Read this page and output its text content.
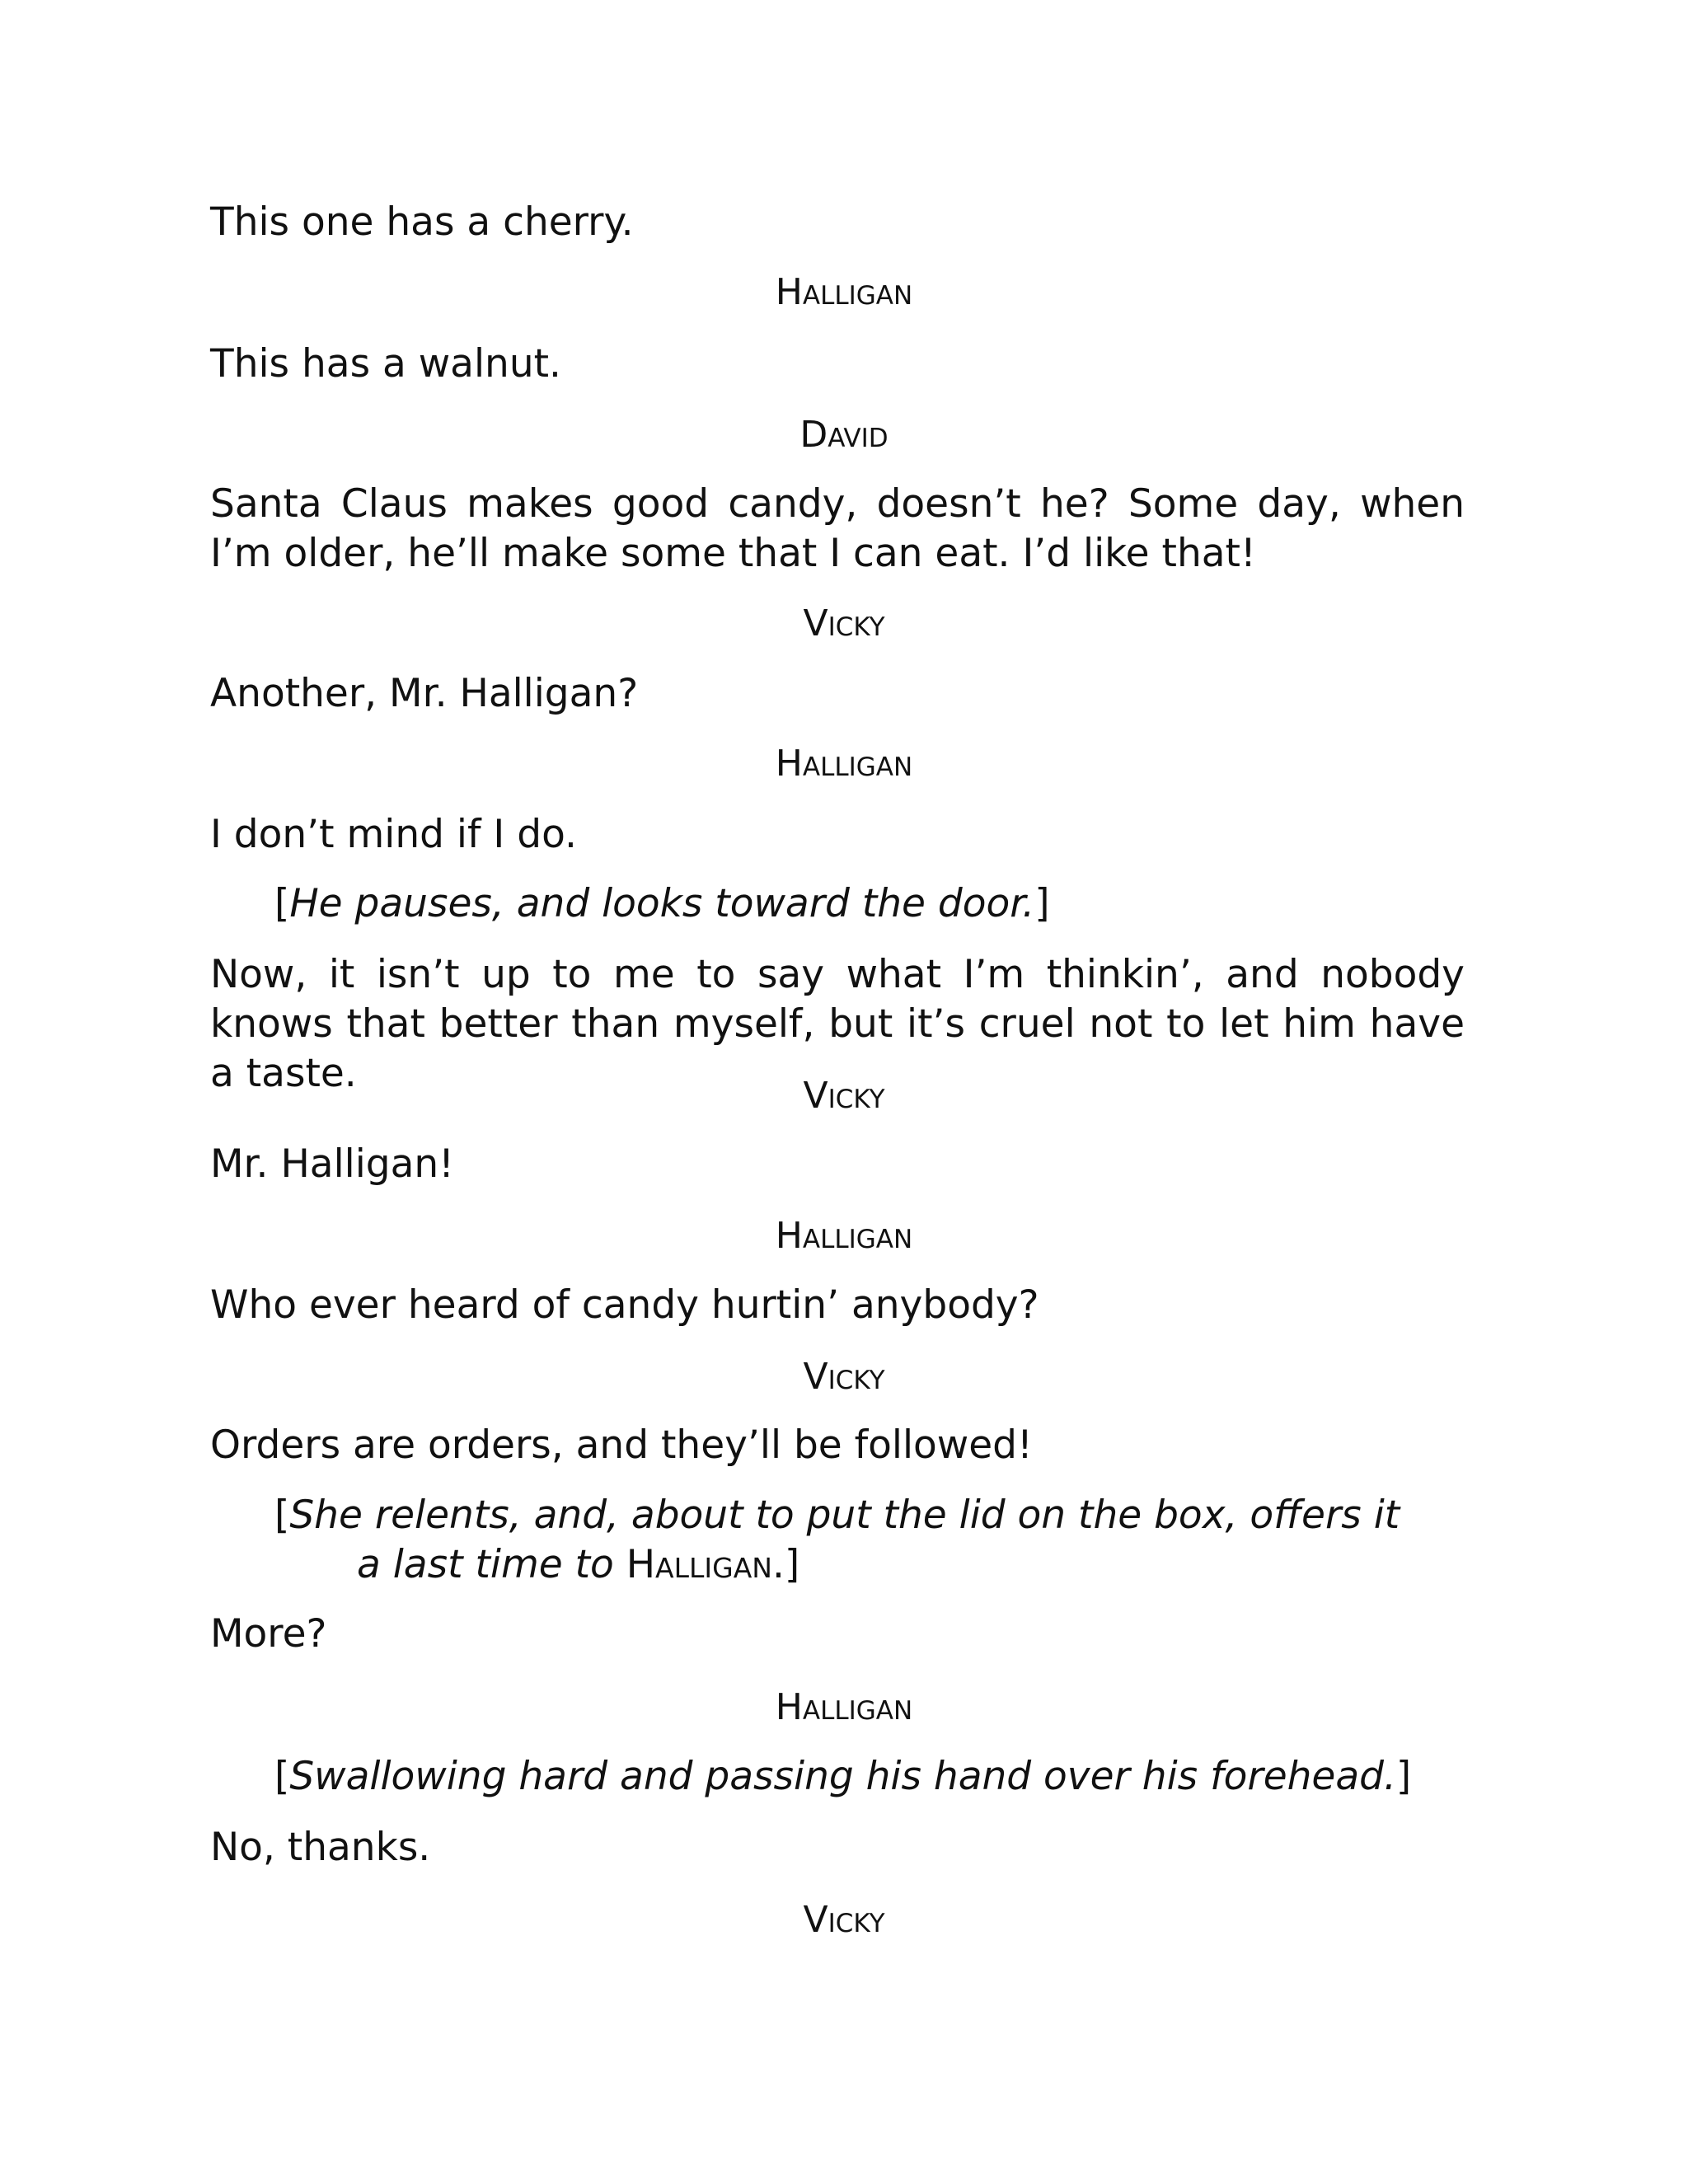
This one has a cherry.
Halligan
This has a walnut.
David
Santa Claus makes good candy, doesn’t he? Some day, when I’m older, he’ll make some that I can eat. I’d like that!
Vicky
Another, Mr. Halligan?
Halligan
I don’t mind if I do.
[He pauses, and looks toward the door.]
Now, it isn’t up to me to say what I’m thinkin’, and nobody knows that better than myself, but it’s cruel not to let him have a taste.	Vicky
Mr. Halligan!
Halligan
Who ever heard of candy hurtin’ anybody?
Vicky
Orders are orders, and they’ll be followed!
[She relents, and, about to put the lid on the box, offers it
a last time to Halligan.]
More?
Halligan
[Swallowing hard and passing his hand over his forehead.]
No, thanks.
Vicky
